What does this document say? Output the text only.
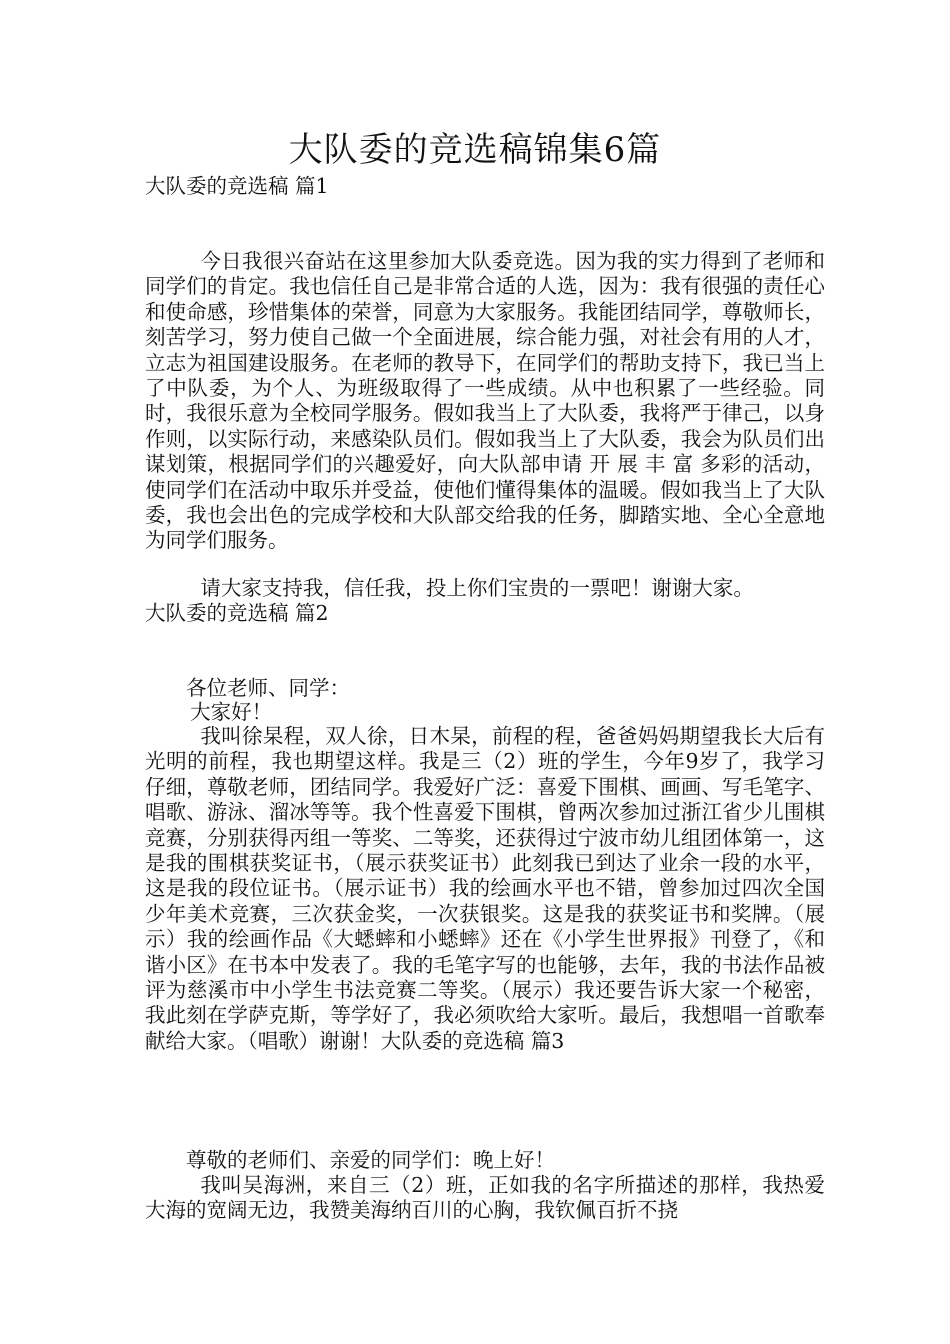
大队委的竞选稿锦集6篇
大队委的竞选稿 篇1
今日我很兴奋站在这里参加大队委竞选。因为我的实力得到了老师和同学们的肯定。我也信任自己是非常合适的人选，因为：我有很强的责任心和使命感，珍惜集体的荣誉，同意为大家服务。我能团结同学，尊敬师长，刻苦学习，努力使自己做一个全面进展，综合能力强，对社会有用的人才，立志为祖国建设服务。在老师的教导下，在同学们的帮助支持下，我已当上了中队委，为个人、为班级取得了一些成绩。从中也积累了一些经验。同时，我很乐意为全校同学服务。假如我当上了大队委，我将严于律己，以身作则，以实际行动，来感染队员们。假如我当上了大队委，我会为队员们出谋划策，根据同学们的兴趣爱好，向大队部申请 开 展 丰 富 多彩的活动，使同学们在活动中取乐并受益，使他们懂得集体的温暖。假如我当上了大队委，我也会出色的完成学校和大队部交给我的任务，脚踏实地、全心全意地为同学们服务。
请大家支持我，信任我，投上你们宝贵的一票吧！谢谢大家。
大队委的竞选稿 篇2
各位老师、同学：
大家好！
我叫徐杲程，双人徐，日木杲，前程的程，爸爸妈妈期望我长大后有光明的前程，我也期望这样。我是三（2）班的学生，今年9岁了，我学习仔细，尊敬老师，团结同学。我爱好广泛：喜爱下围棋、画画、写毛笔字、唱歌、游泳、溜冰等等。我个性喜爱下围棋，曾两次参加过浙江省少儿围棋竞赛，分别获得丙组一等奖、二等奖，还获得过宁波市幼儿组团体第一，这是我的围棋获奖证书，（展示获奖证书）此刻我已到达了业余一段的水平，这是我的段位证书。（展示证书）我的绘画水平也不错，曾参加过四次全国少年美术竞赛，三次获金奖，一次获银奖。这是我的获奖证书和奖牌。（展示）我的绘画作品《大蟋蟀和小蟋蟀》还在《小学生世界报》刊登了，《和谐小区》在书本中发表了。我的毛笔字写的也能够，去年，我的书法作品被评为慈溪市中小学生书法竞赛二等奖。（展示）我还要告诉大家一个秘密，我此刻在学萨克斯，等学好了，我必须吹给大家听。最后，我想唱一首歌奉献给大家。（唱歌）谢谢！大队委的竞选稿 篇3
尊敬的老师们、亲爱的同学们：晚上好！
我叫吴海洲，来自三（2）班，正如我的名字所描述的那样，我热爱大海的宽阔无边，我赞美海纳百川的心胸，我钦佩百折不挠
